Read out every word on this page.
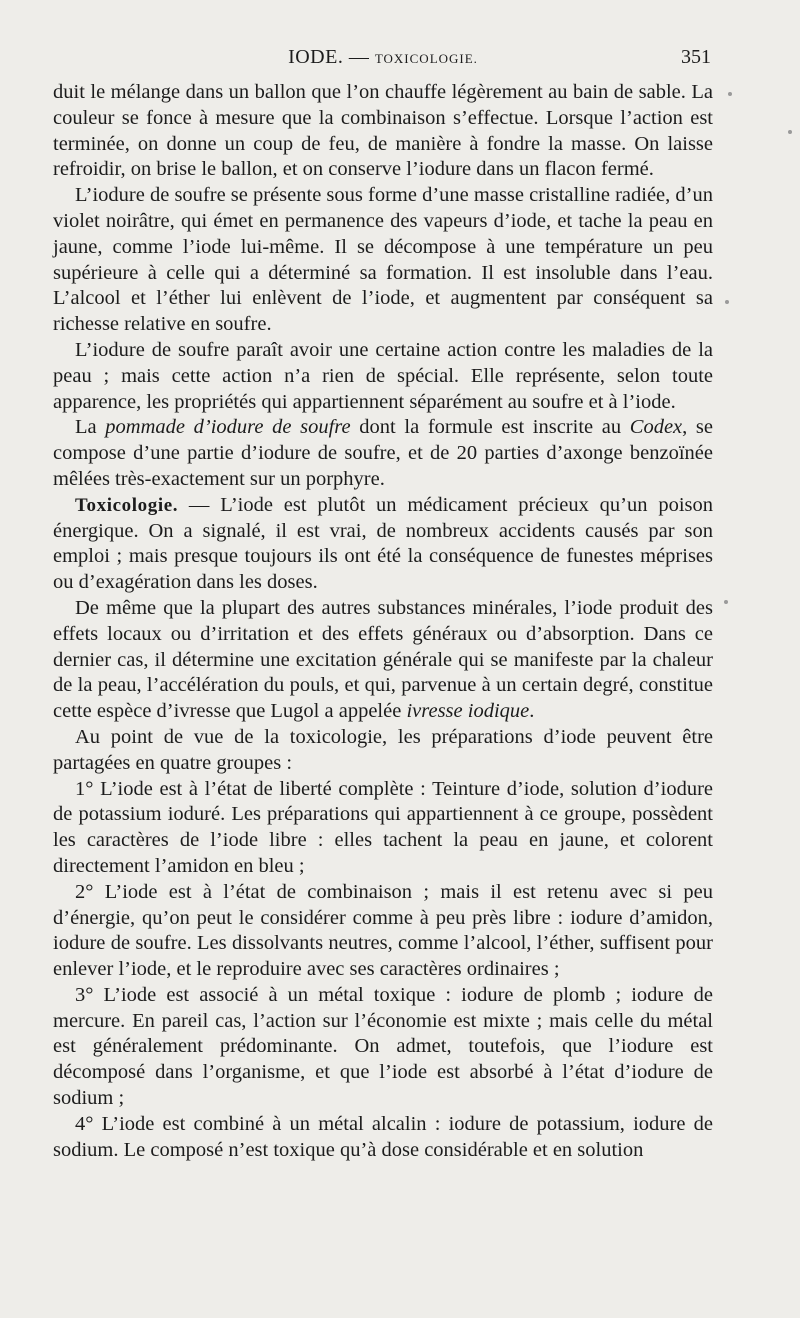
IODE. — TOXICOLOGIE.	351

duit le mélange dans un ballon que l’on chauffe légèrement au bain de sable. La couleur se fonce à mesure que la combinaison s’effectue. Lorsque l’action est terminée, on donne un coup de feu, de manière à fondre la masse. On laisse refroidir, on brise le ballon, et on conserve l’iodure dans un flacon fermé.

L’iodure de soufre se présente sous forme d’une masse cristalline radiée, d’un violet noirâtre, qui émet en permanence des vapeurs d’iode, et tache la peau en jaune, comme l’iode lui-même. Il se décompose à une température un peu supérieure à celle qui a déterminé sa formation. Il est insoluble dans l’eau. L’alcool et l’éther lui enlèvent de l’iode, et augmentent par conséquent sa richesse relative en soufre.

L’iodure de soufre paraît avoir une certaine action contre les maladies de la peau ; mais cette action n’a rien de spécial. Elle représente, selon toute apparence, les propriétés qui appartiennent séparément au soufre et à l’iode.

La pommade d’iodure de soufre dont la formule est inscrite au Codex, se compose d’une partie d’iodure de soufre, et de 20 parties d’axonge benzoïnée mêlées très-exactement sur un porphyre.

Toxicologie. — L’iode est plutôt un médicament précieux qu’un poison énergique. On a signalé, il est vrai, de nombreux accidents causés par son emploi ; mais presque toujours ils ont été la conséquence de funestes méprises ou d’exagération dans les doses.

De même que la plupart des autres substances minérales, l’iode produit des effets locaux ou d’irritation et des effets généraux ou d’absorption. Dans ce dernier cas, il détermine une excitation générale qui se manifeste par la chaleur de la peau, l’accélération du pouls, et qui, parvenue à un certain degré, constitue cette espèce d’ivresse que Lugol a appelée ivresse iodique.

Au point de vue de la toxicologie, les préparations d’iode peuvent être partagées en quatre groupes :

1° L’iode est à l’état de liberté complète : Teinture d’iode, solution d’iodure de potassium ioduré. Les préparations qui appartiennent à ce groupe, possèdent les caractères de l’iode libre : elles tachent la peau en jaune, et colorent directement l’amidon en bleu ;

2° L’iode est à l’état de combinaison ; mais il est retenu avec si peu d’énergie, qu’on peut le considérer comme à peu près libre : iodure d’amidon, iodure de soufre. Les dissolvants neutres, comme l’alcool, l’éther, suffisent pour enlever l’iode, et le reproduire avec ses caractères ordinaires ;

3° L’iode est associé à un métal toxique : iodure de plomb ; iodure de mercure. En pareil cas, l’action sur l’économie est mixte ; mais celle du métal est généralement prédominante. On admet, toutefois, que l’iodure est décomposé dans l’organisme, et que l’iode est absorbé à l’état d’iodure de sodium ;

4° L’iode est combiné à un métal alcalin : iodure de potassium, iodure de sodium. Le composé n’est toxique qu’à dose considérable et en solution
